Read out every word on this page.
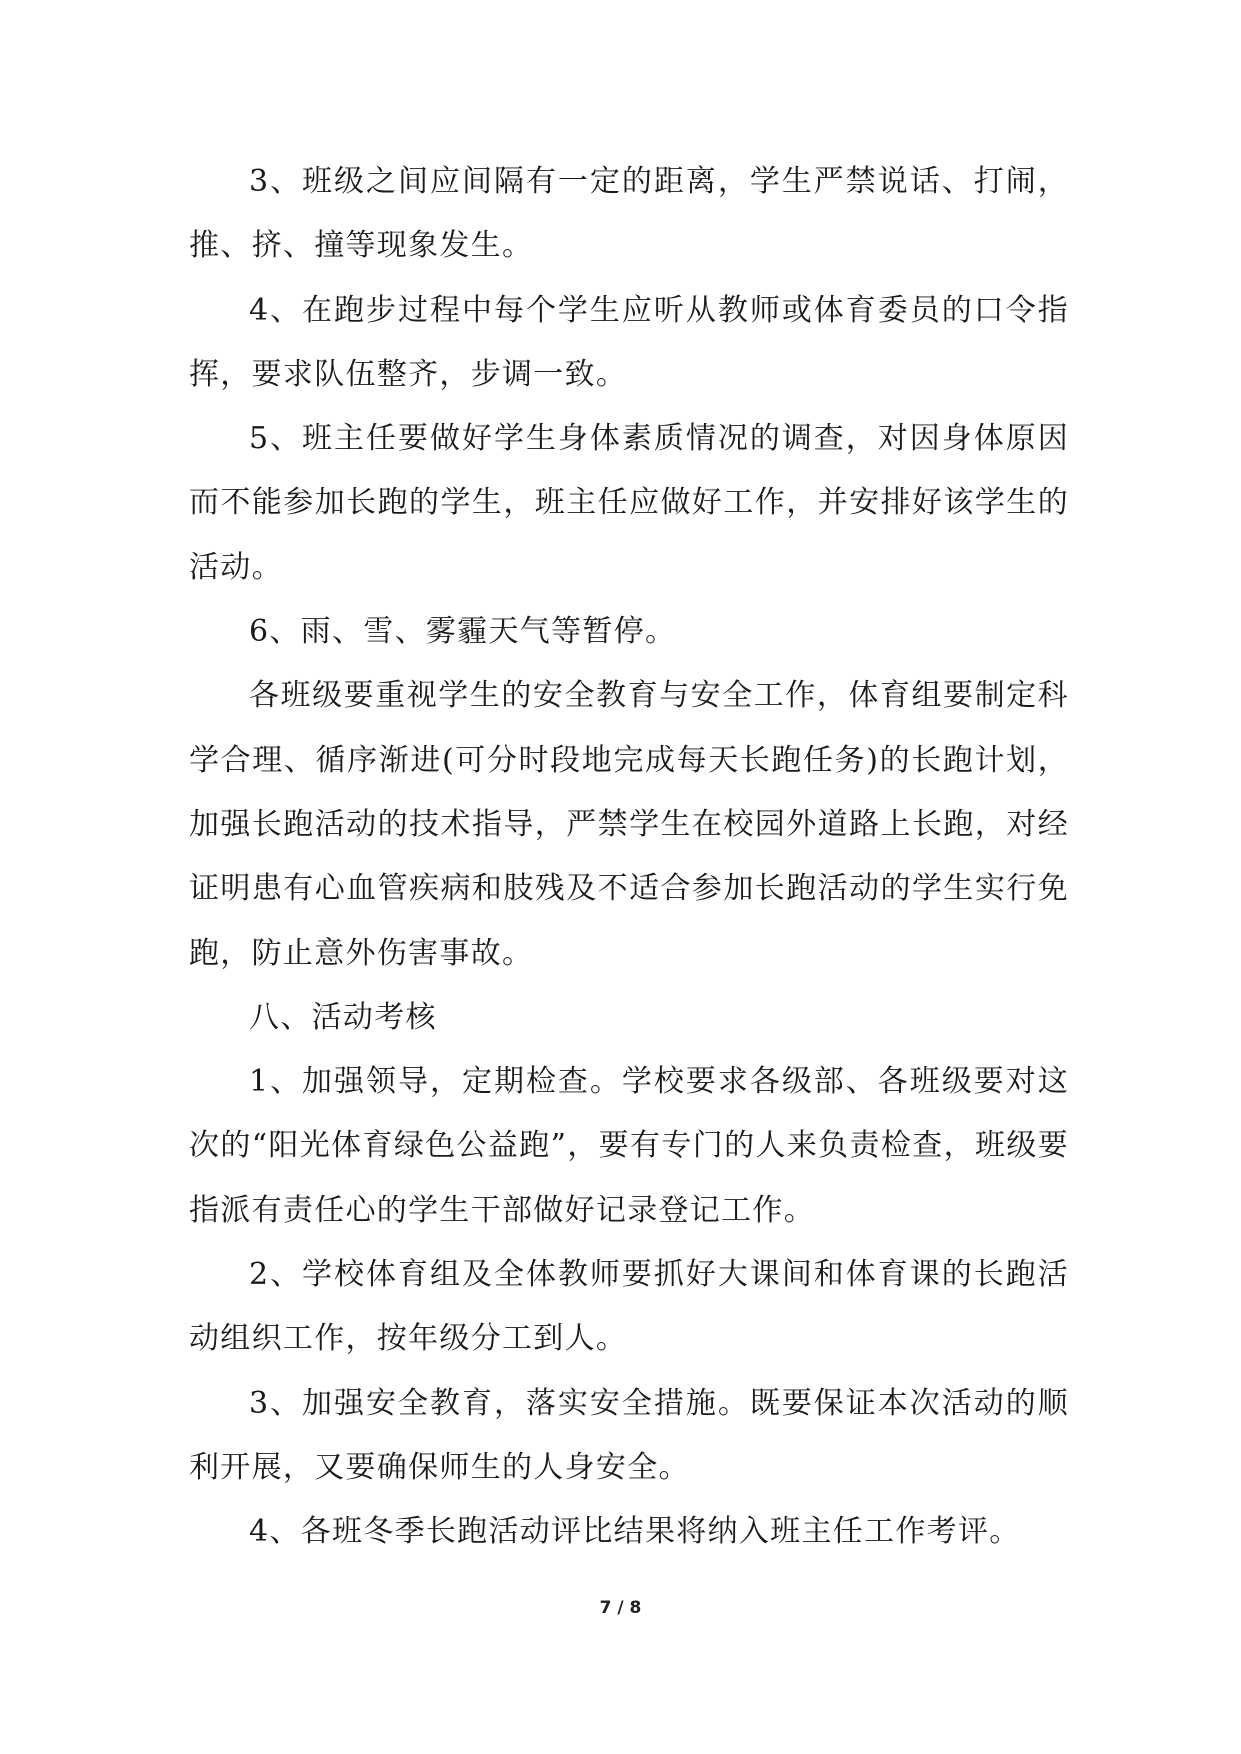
3、班级之间应间隔有一定的距离，学生严禁说话、打闹，推、挤、撞等现象发生。

4、在跑步过程中每个学生应听从教师或体育委员的口令指挥，要求队伍整齐，步调一致。

5、班主任要做好学生身体素质情况的调查，对因身体原因而不能参加长跑的学生，班主任应做好工作，并安排好该学生的活动。

6、雨、雪、雾霾天气等暂停。

各班级要重视学生的安全教育与安全工作，体育组要制定科学合理、循序渐进(可分时段地完成每天长跑任务)的长跑计划，加强长跑活动的技术指导，严禁学生在校园外道路上长跑，对经证明患有心血管疾病和肢残及不适合参加长跑活动的学生实行免跑，防止意外伤害事故。

八、活动考核

1、加强领导，定期检查。学校要求各级部、各班级要对这次的“阳光体育绿色公益跑”，要有专门的人来负责检查，班级要指派有责任心的学生干部做好记录登记工作。

2、学校体育组及全体教师要抓好大课间和体育课的长跑活动组织工作，按年级分工到人。

3、加强安全教育，落实安全措施。既要保证本次活动的顺利开展，又要确保师生的人身安全。

4、各班冬季长跑活动评比结果将纳入班主任工作考评。

7 / 8
